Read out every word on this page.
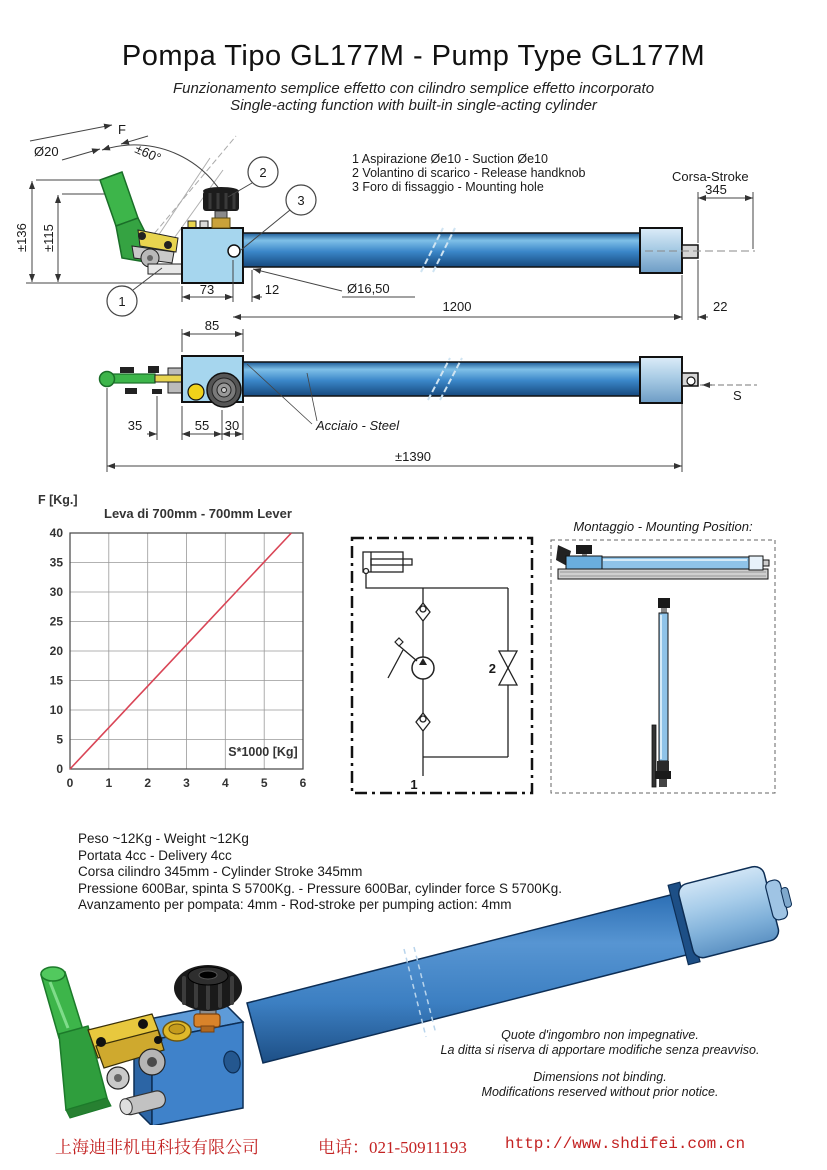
Pompa Tipo GL177M - Pump Type GL177M
Funzionamento semplice effetto con cilindro semplice effetto incorporato
Single-acting function with built-in single-acting cylinder
F
±60°
Ø20
±136 ±115
1
2
3
73	12	Ø16,50
1200	22
Corsa-Stroke
345
1 Aspirazione Øe10 - Suction Øe10
2 Volantino di scarico - Release handknob
3 Foro di fissaggio - Mounting hole
85
S
35	55 30	Acciaio - Steel
±1390
F [Kg.]
Leva di 700mm - 700mm Lever
40
35
30
25
20
15
10
5
0
0	1	2	3	4	5	6
S*1000 [Kg]
2
1
Montaggio - Mounting Position:
Peso ~12Kg - Weight ~12Kg
Portata 4cc - Delivery 4cc
Corsa cilindro 345mm - Cylinder Stroke 345mm
Pressione 600Bar, spinta S 5700Kg. - Pressure 600Bar, cylinder force S 5700Kg.
Avanzamento per pompata: 4mm - Rod-stroke per pumping action: 4mm

Quote d'ingombro non impegnative.
La ditta si riserva di apportare modifiche senza preavviso.

Dimensions not binding.
Modifications reserved without prior notice.

上海迪非机电科技有限公司	电话：021-50911193 http://www.shdifei.com.cn
